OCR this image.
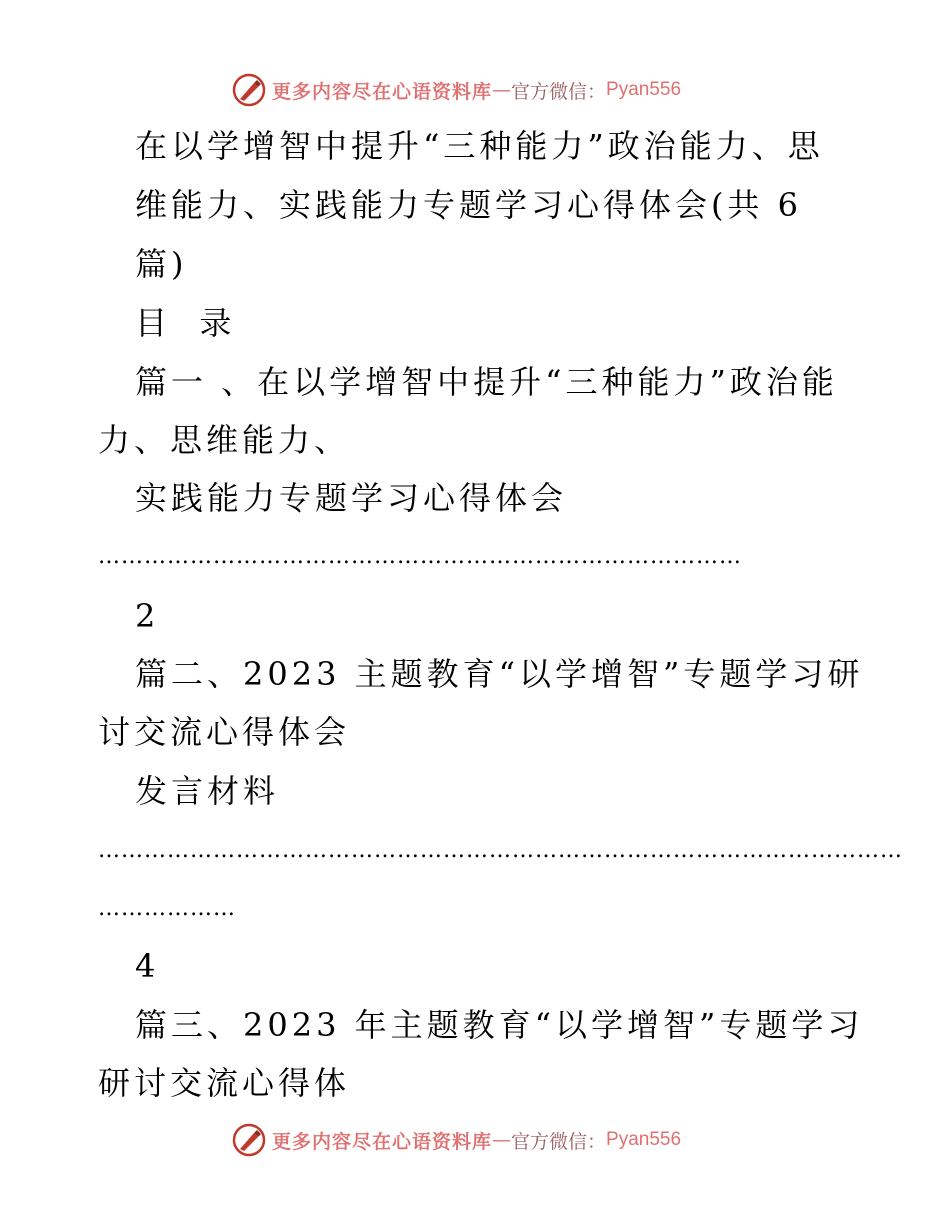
更多内容尽在心语资料库 — 官方微信： Pyan556
在以学增智中提升“三种能力”政治能力、思
维能力、实践能力专题学习心得体会(共 6
篇)
目  录
篇一 、在以学增智中提升“三种能力”政治能
力、思维能力、
实践能力专题学习心得体会
…………………………………………………………………………
2
篇二、2023 主题教育“以学增智”专题学习研
讨交流心得体会
发言材料
……………………………………………………………………………………………
………………
4
篇三、2023 年主题教育“以学增智”专题学习
研讨交流心得体
更多内容尽在心语资料库 — 官方微信： Pyan556
